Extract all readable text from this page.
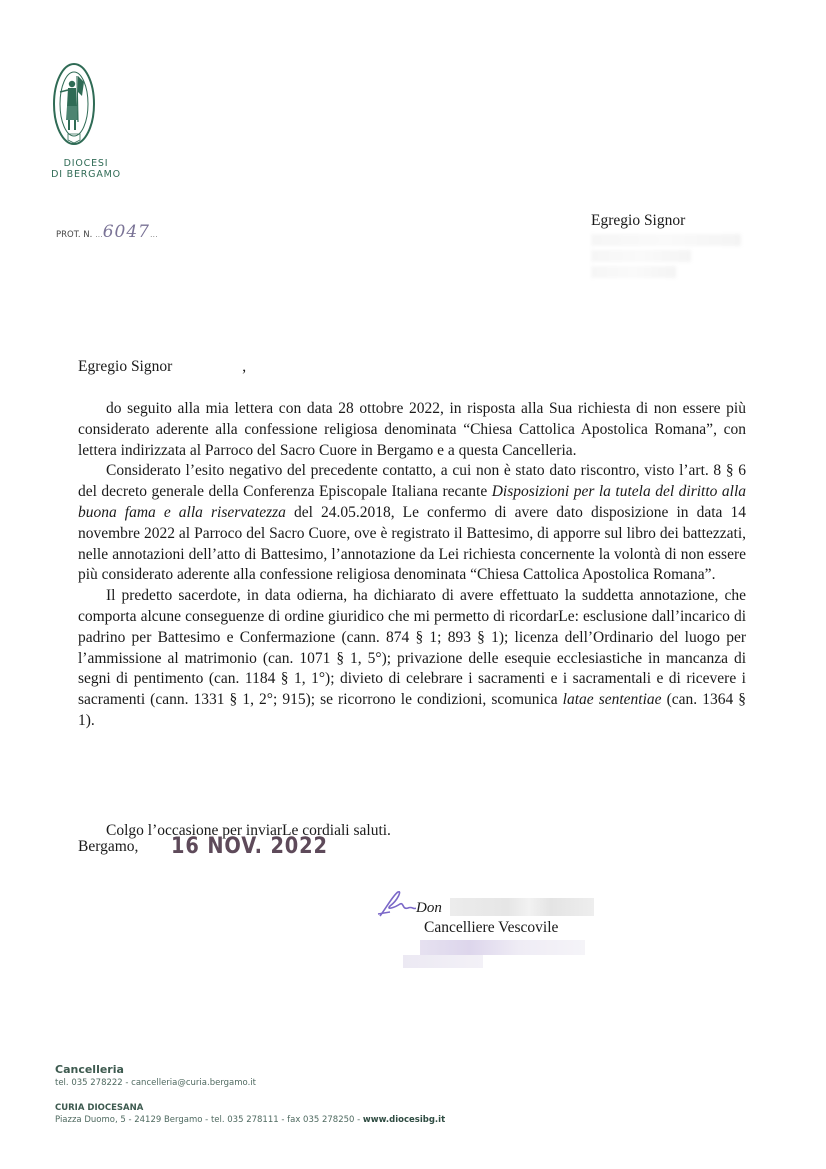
DIOCESI
DI BERGAMO
PROT. N. ...6047...
Egregio Signor
Egregio Signor	,

do seguito alla mia lettera con data 28 ottobre 2022, in risposta alla Sua richiesta di non essere più considerato aderente alla confessione religiosa denominata “Chiesa Cattolica Apostolica Romana”, con lettera indirizzata al Parroco del Sacro Cuore in Bergamo e a questa Cancelleria.

Considerato l’esito negativo del precedente contatto, a cui non è stato dato riscontro, visto l’art. 8 § 6 del decreto generale della Conferenza Episcopale Italiana recante Disposizioni per la tutela del diritto alla buona fama e alla riservatezza del 24.05.2018, Le confermo di avere dato disposizione in data 14 novembre 2022 al Parroco del Sacro Cuore, ove è registrato il Battesimo, di apporre sul libro dei battezzati, nelle annotazioni dell’atto di Battesimo, l’annotazione da Lei richiesta concernente la volontà di non essere più considerato aderente alla confessione religiosa denominata “Chiesa Cattolica Apostolica Romana”.

Il predetto sacerdote, in data odierna, ha dichiarato di avere effettuato la suddetta annotazione, che comporta alcune conseguenze di ordine giuridico che mi permetto di ricordarLe: esclusione dall’incarico di padrino per Battesimo e Confermazione (cann. 874 § 1; 893 § 1); licenza dell’Ordinario del luogo per l’ammissione al matrimonio (can. 1071 § 1, 5°); privazione delle esequie ecclesiastiche in mancanza di segni di pentimento (can. 1184 § 1, 1°); divieto di celebrare i sacramenti e i sacramentali e di ricevere i sacramenti (cann. 1331 § 1, 2°; 915); se ricorrono le condizioni, scomunica latae sententiae (can. 1364 § 1).

Colgo l’occasione per inviarLe cordiali saluti.
Bergamo, 16 NOV. 2022
Don
Cancelliere Vescovile
Cancelleria
tel. 035 278222 - cancelleria@curia.bergamo.it
CURIA DIOCESANA
Piazza Duomo, 5 - 24129 Bergamo - tel. 035 278111 - fax 035 278250 - www.diocesibg.it
